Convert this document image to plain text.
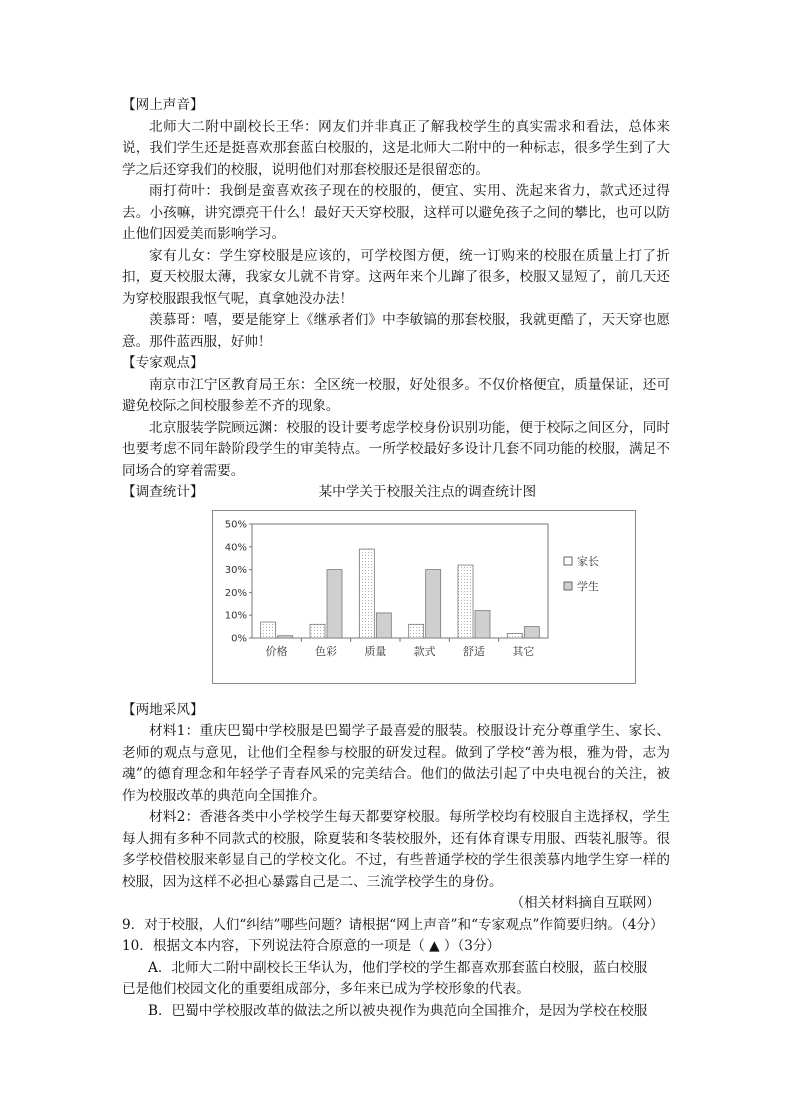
【网上声音】

北师大二附中副校长王华：网友们并非真正了解我校学生的真实需求和看法，总体来说，我们学生还是挺喜欢那套蓝白校服的，这是北师大二附中的一种标志，很多学生到了大学之后还穿我们的校服，说明他们对那套校服还是很留恋的。

雨打荷叶：我倒是蛮喜欢孩子现在的校服的，便宜、实用、洗起来省力，款式还过得去。小孩嘛，讲究漂亮干什么！最好天天穿校服，这样可以避免孩子之间的攀比，也可以防止他们因爱美而影响学习。

家有儿女：学生穿校服是应该的，可学校图方便，统一订购来的校服在质量上打了折扣，夏天校服太薄，我家女儿就不肯穿。这两年来个儿蹿了很多，校服又显短了，前几天还为穿校服跟我怄气呢，真拿她没办法！

羡慕哥：嘻，要是能穿上《继承者们》中李敏镐的那套校服，我就更酷了，天天穿也愿意。那件蓝西服，好帅！

【专家观点】

南京市江宁区教育局王东：全区统一校服，好处很多。不仅价格便宜，质量保证，还可避免校际之间校服参差不齐的现象。

北京服装学院顾远渊：校服的设计要考虑学校身份识别功能，便于校际之间区分，同时也要考虑不同年龄阶段学生的审美特点。一所学校最好多设计几套不同功能的校服，满足不同场合的穿着需要。

【调查统计】	某中学关于校服关注点的调查统计图
0%
10%
20%
30%
40%
50%
价格 色彩 质量 款式 舒适 其它
家长
学生
【两地采风】

材料1：重庆巴蜀中学校服是巴蜀学子最喜爱的服装。校服设计充分尊重学生、家长、老师的观点与意见，让他们全程参与校服的研发过程。做到了学校“善为根，雅为骨，志为魂”的德育理念和年轻学子青春风采的完美结合。他们的做法引起了中央电视台的关注，被作为校服改革的典范向全国推介。

材料2：香港各类中小学校学生每天都要穿校服。每所学校均有校服自主选择权，学生每人拥有多种不同款式的校服，除夏装和冬装校服外，还有体育课专用服、西装礼服等。很多学校借校服来彰显自己的学校文化。不过，有些普通学校的学生很羡慕内地学生穿一样的校服，因为这样不必担心暴露自己是二、三流学校学生的身份。

（相关材料摘自互联网）

9．对于校服，人们“纠结”哪些问题？请根据“网上声音”和“专家观点”作简要归纳。（4分）

10．根据文本内容，下列说法符合原意的一项是（ ▲ ）（3分）

A．北师大二附中副校长王华认为，他们学校的学生都喜欢那套蓝白校服，蓝白校服

已是他们校园文化的重要组成部分，多年来已成为学校形象的代表。

B．巴蜀中学校服改革的做法之所以被央视作为典范向全国推介，是因为学校在校服
